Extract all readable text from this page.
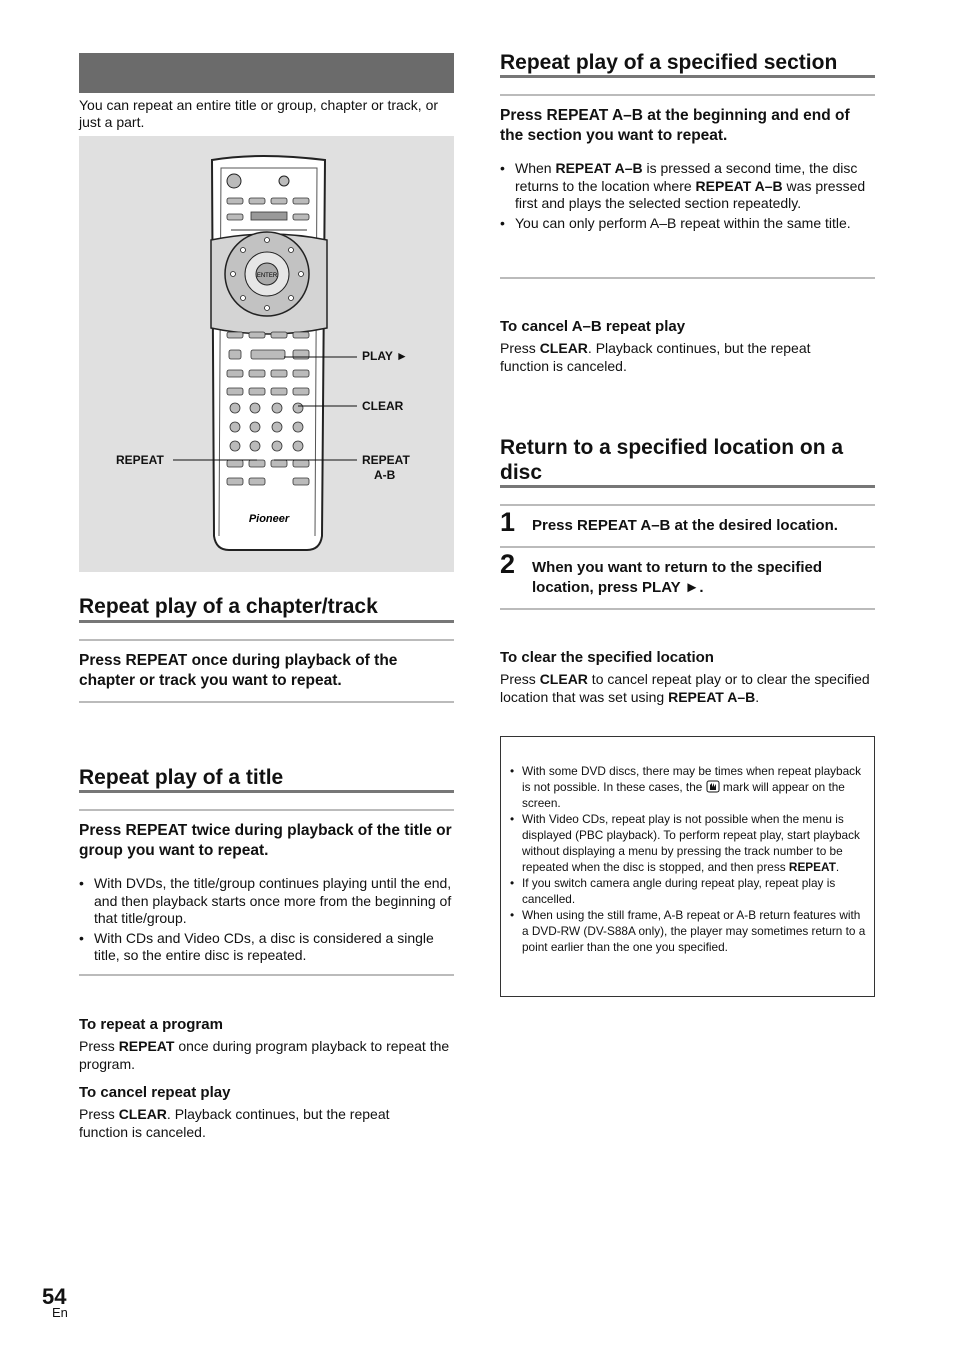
You can repeat an entire title or group, chapter or track, or just a part.
ENTER
Pioneer
PLAY ►
CLEAR
REPEAT	REPEAT
A-B
Repeat play of a chapter/track
Press REPEAT once during playback of the chapter or track you want to repeat.
Repeat play of a title
Press REPEAT twice during playback of the title or group you want to repeat.
• With DVDs, the title/group continues playing until the end, and then playback starts once more from the beginning of that title/group.
• With CDs and Video CDs, a disc is considered a single title, so the entire disc is repeated.
To repeat a program
Press REPEAT once during program playback to repeat the program.
To cancel repeat play
Press CLEAR. Playback continues, but the repeat function is canceled.
Repeat play of a specified section
Press REPEAT A–B at the beginning and end of the section you want to repeat.
• When REPEAT A–B is pressed a second time, the disc returns to the location where REPEAT A–B was pressed first and plays the selected section repeatedly.
• You can only perform A–B repeat within the same title.
To cancel A–B repeat play
Press CLEAR. Playback continues, but the repeat function is canceled.
Return to a specified location on a disc
1 Press REPEAT A–B at the desired location.
2 When you want to return to the specified location, press PLAY ►.
To clear the specified location
Press CLEAR to cancel repeat play or to clear the specified location that was set using REPEAT A–B.
• With some DVD discs, there may be times when repeat playback is not possible. In these cases, the  mark will appear on the screen.
• With Video CDs, repeat play is not possible when the menu is displayed (PBC playback). To perform repeat play, start playback without displaying a menu by pressing the track number to be repeated when the disc is stopped, and then press REPEAT.
• If you switch camera angle during repeat play, repeat play is cancelled.
• When using the still frame, A-B repeat or A-B return features with a DVD-RW (DV-S88A only), the player may sometimes return to a point earlier than the one you specified.
54
En
